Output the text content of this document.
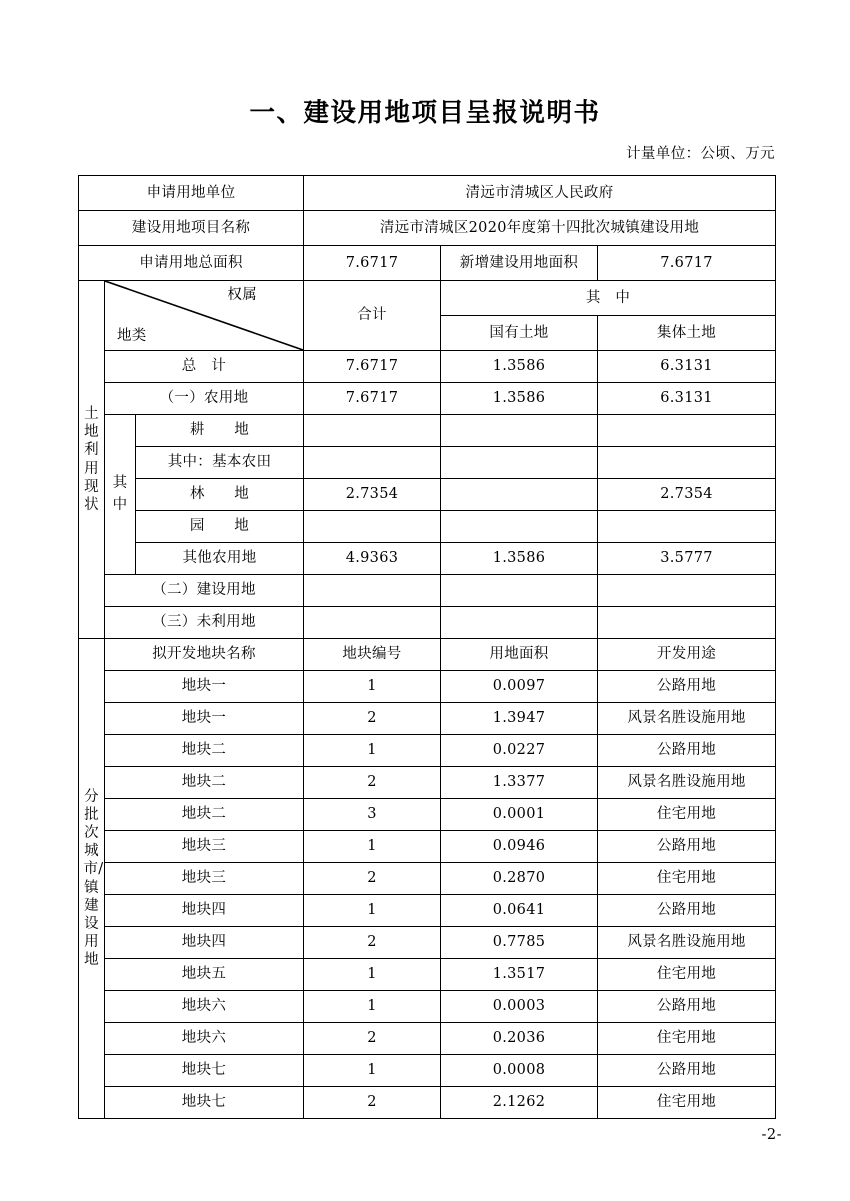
一、建设用地项目呈报说明书
计量单位：公顷、万元
申请用地单位			清远市清城区人民政府		
建设用地项目名称			清远市清城区2020年度第十四批次城镇建设用地		
申请用地总面积			7.6717	新增建设用地面积	7.6717

土地利用现状	权属
地类		合计	其　中	
				国有土地	集体土地
	总　计		7.6717	1.3586	6.3131
	（一）农用地		7.6717	1.3586	6.3131

	其中	耕　　地			
		其中：基本农田			
		林　　地	2.7354		2.7354
		园　　地			
		其他农用地	4.9363	1.3586	3.5777
	（二）建设用地				
	（三）未利用地				

分批次城市/镇建设用地	拟开发地块名称		地块编号	用地面积	开发用途
	地块一		1	0.0097	公路用地
	地块一		2	1.3947	风景名胜设施用地
	地块二		1	0.0227	公路用地
	地块二		2	1.3377	风景名胜设施用地
	地块二		3	0.0001	住宅用地
	地块三		1	0.0946	公路用地
	地块三		2	0.2870	住宅用地
	地块四		1	0.0641	公路用地
	地块四		2	0.7785	风景名胜设施用地
	地块五		1	1.3517	住宅用地
	地块六		1	0.0003	公路用地
	地块六		2	0.2036	住宅用地
	地块七		1	0.0008	公路用地
	地块七		2	2.1262	住宅用地
-2-
